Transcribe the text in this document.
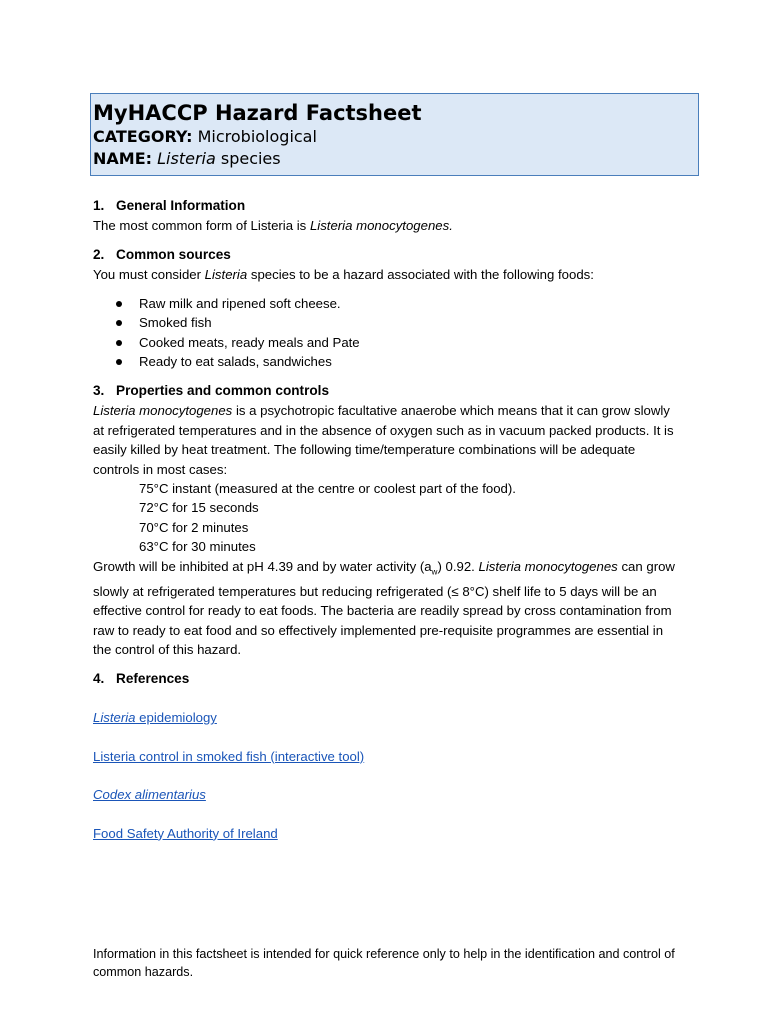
MyHACCP Hazard Factsheet

CATEGORY: Microbiological

NAME: Listeria species

1. General Information

The most common form of Listeria is Listeria monocytogenes.

2. Common sources

You must consider Listeria species to be a hazard associated with the following foods:

Raw milk and ripened soft cheese.
Smoked fish
Cooked meats, ready meals and Pate
Ready to eat salads, sandwiches

3. Properties and common controls

Listeria monocytogenes is a psychotropic facultative anaerobe which means that it can grow slowly at refrigerated temperatures and in the absence of oxygen such as in vacuum packed products. It is easily killed by heat treatment. The following time/temperature combinations will be adequate controls in most cases:

75°C instant (measured at the centre or coolest part of the food).

72°C for 15 seconds

70°C for 2 minutes

63°C for 30 minutes

Growth will be inhibited at pH 4.39 and by water activity $(a_w)$ 0.92. Listeria monocytogenes can grow slowly at refrigerated temperatures but reducing refrigerated (≤ 8°C) shelf life to 5 days will be an effective control for ready to eat foods. The bacteria are readily spread by cross contamination from raw to ready to eat food and so effectively implemented pre-requisite programmes are essential in the control of this hazard.

4. References

Listeria epidemiology
Listeria control in smoked fish (interactive tool)
Codex alimentarius
Food Safety Authority of Ireland
Information in this factsheet is intended for quick reference only to help in the identification and control of common hazards.
